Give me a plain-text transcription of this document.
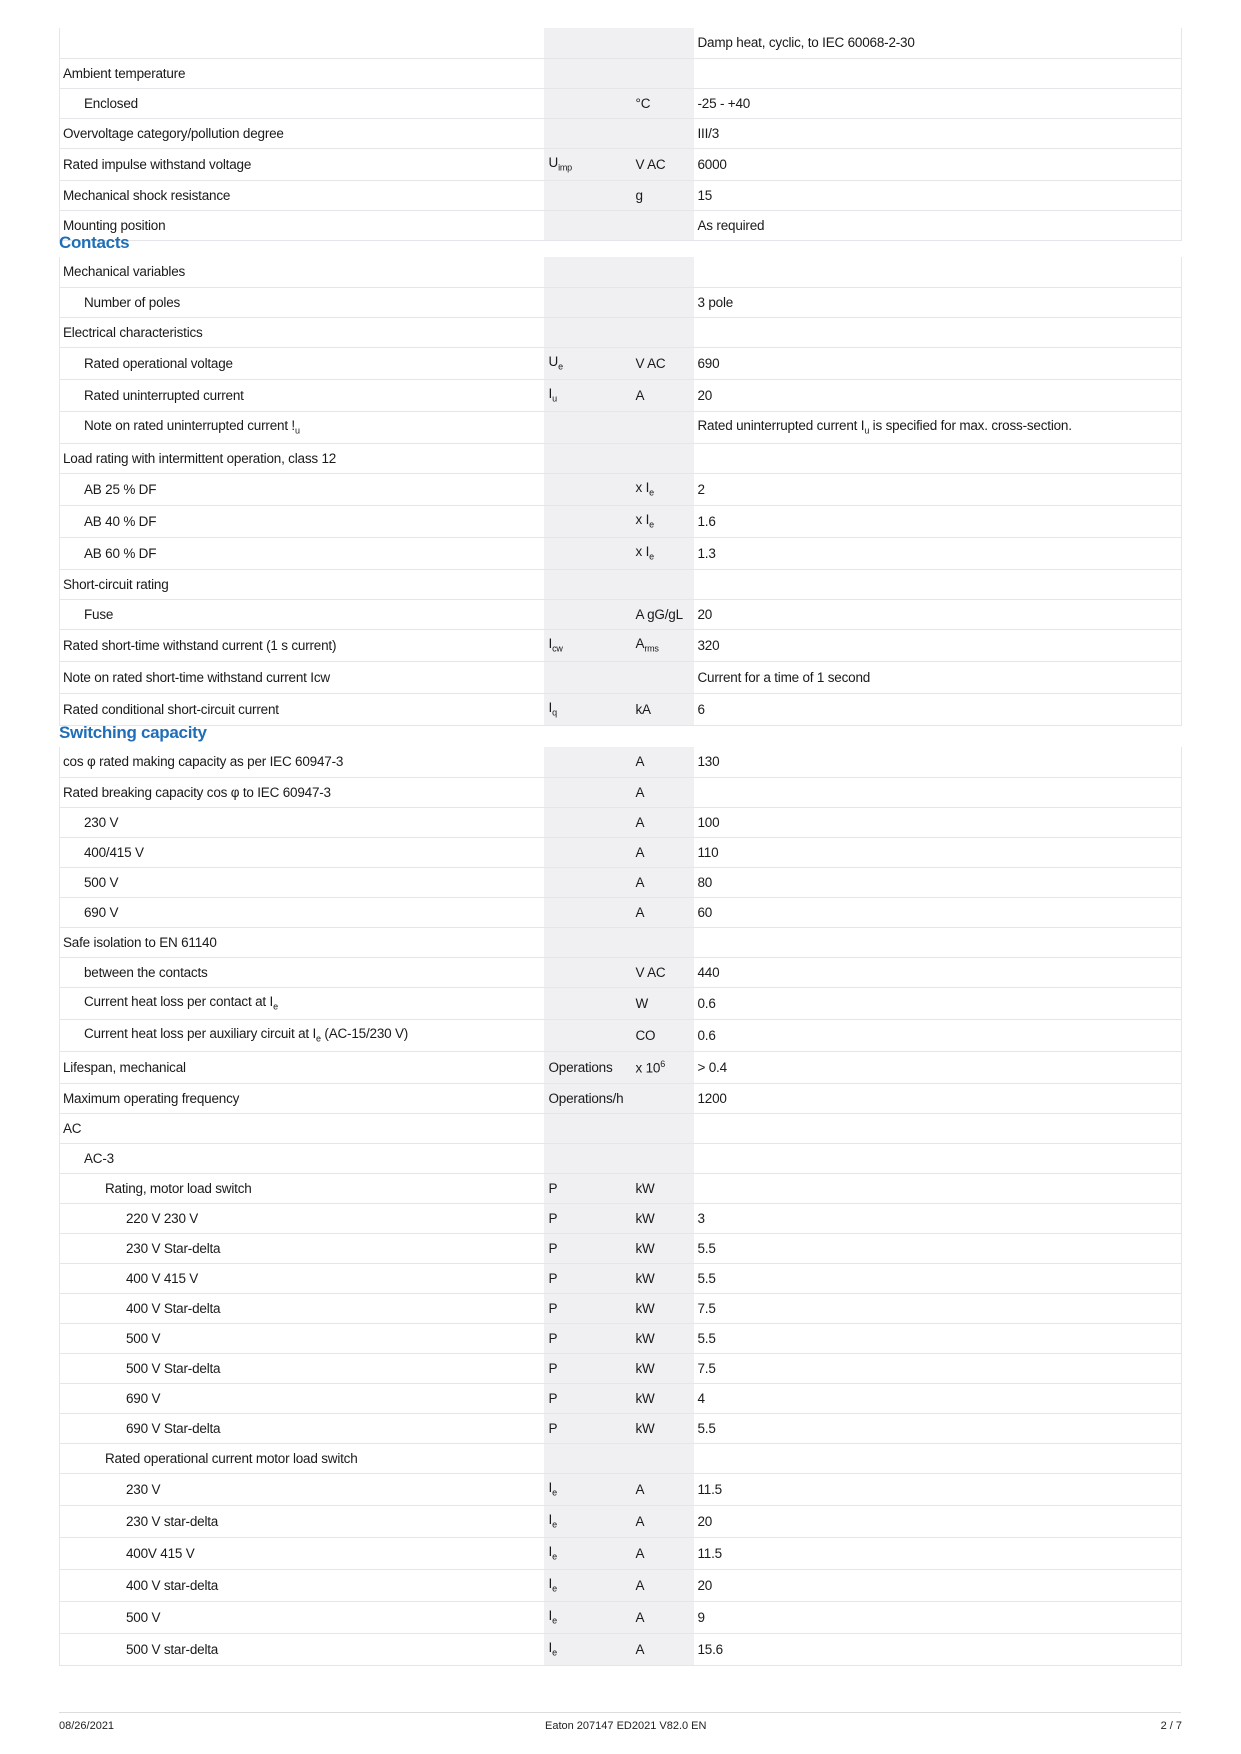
			Damp heat, cyclic, to IEC 60068-2-30
Ambient temperature			
Enclosed		°C	-25 - +40
Overvoltage category/pollution degree			III/3
Rated impulse withstand voltage	$U_{imp}$	V AC	6000
Mechanical shock resistance		g	15
Mounting position			As required
Contacts
Mechanical variables			
Number of poles			3 pole
Electrical characteristics			
Rated operational voltage	$U_e$	V AC	690
Rated uninterrupted current	$I_u$	A	20
Note on rated uninterrupted current $!_u$			Rated uninterrupted current $I_u$ is specified for max. cross-section.
Load rating with intermittent operation, class 12			
AB 25 % DF		x $I_e$	2
AB 40 % DF		x $I_e$	1.6
AB 60 % DF		x $I_e$	1.3
Short-circuit rating			
Fuse		A gG/gL	20
Rated short-time withstand current (1 s current)	$I_{cw}$	$A_{rms}$	320
Note on rated short-time withstand current Icw			Current for a time of 1 second
Rated conditional short-circuit current	$I_q$	kA	6
Switching capacity
cos φ rated making capacity as per IEC 60947-3		A	130
Rated breaking capacity cos φ to IEC 60947-3		A	
230 V		A	100
400/415 V		A	110
500 V		A	80
690 V		A	60
Safe isolation to EN 61140			
between the contacts		V AC	440
Current heat loss per contact at $I_e$		W	0.6
Current heat loss per auxiliary circuit at $I_e$ (AC-15/230 V)		CO	0.6
Lifespan, mechanical	Operations	x $10^6$	> 0.4
Maximum operating frequency	Operations/h		1200
AC			
AC-3			
Rating, motor load switch	P	kW	
220 V 230 V	P	kW	3
230 V Star-delta	P	kW	5.5
400 V 415 V	P	kW	5.5
400 V Star-delta	P	kW	7.5
500 V	P	kW	5.5
500 V Star-delta	P	kW	7.5
690 V	P	kW	4
690 V Star-delta	P	kW	5.5
Rated operational current motor load switch			
230 V	$I_e$	A	11.5
230 V star-delta	$I_e$	A	20
400V 415 V	$I_e$	A	11.5
400 V star-delta	$I_e$	A	20
500 V	$I_e$	A	9
500 V star-delta	$I_e$	A	15.6
08/26/2021	Eaton 207147 ED2021 V82.0 EN	2 / 7
